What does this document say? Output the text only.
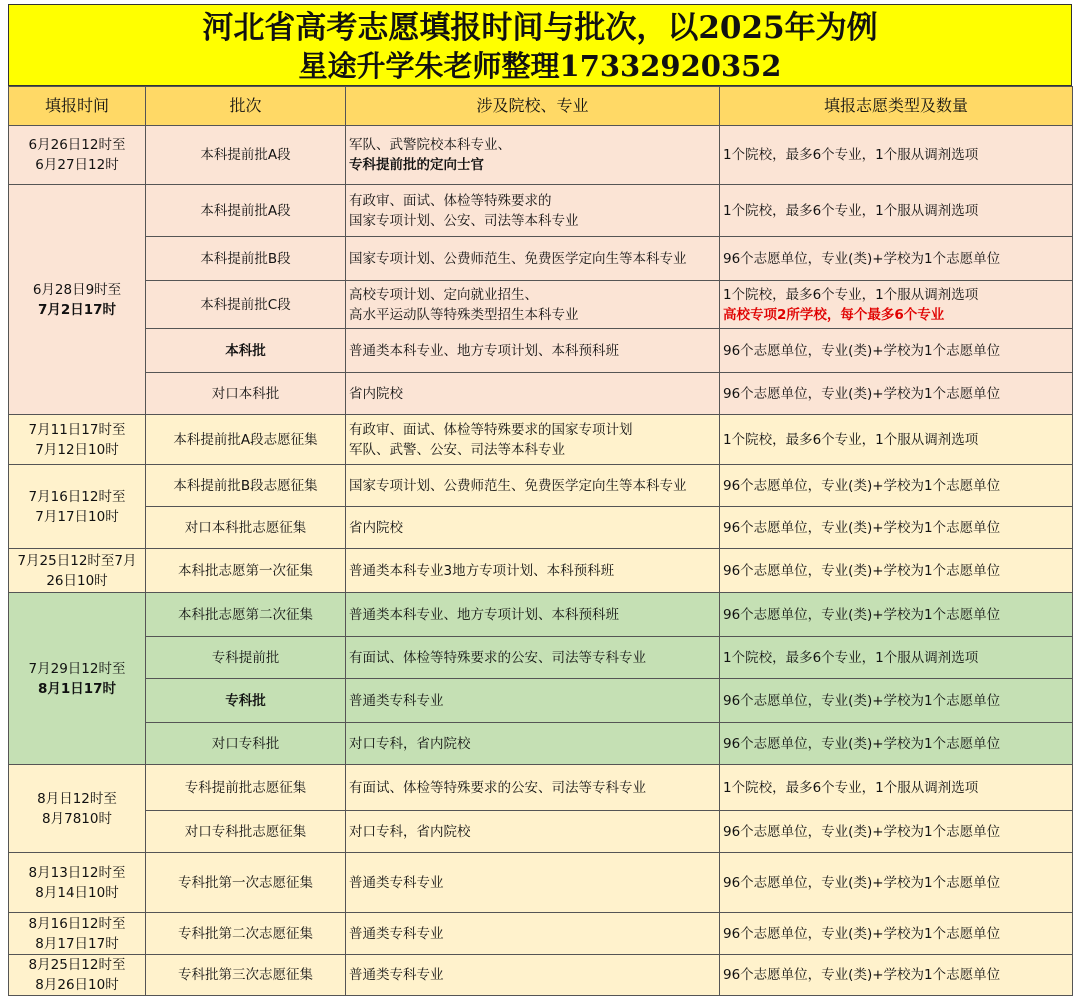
河北省高考志愿填报时间与批次，以2025年为例
星途升学朱老师整理17332920352
填报时间	批次	涉及院校、专业	填报志愿类型及数量
6月26日12时至
6月27日12时	本科提前批A段	军队、武警院校本科专业、
专科提前批的定向士官	1个院校，最多6个专业，1个服从调剂选项
6月28日9时至
7月2日17时	本科提前批A段	有政审、面试、体检等特殊要求的
国家专项计划、公安、司法等本科专业	1个院校，最多6个专业，1个服从调剂选项
	本科提前批B段	国家专项计划、公费师范生、免费医学定向生等本科专业	96个志愿单位，专业(类)+学校为1个志愿单位
	本科提前批C段	高校专项计划、定向就业招生、
高水平运动队等特殊类型招生本科专业	1个院校，最多6个专业，1个服从调剂选项
高校专项2所学校，每个最多6个专业
	本科批	普通类本科专业、地方专项计划、本科预科班	96个志愿单位，专业(类)+学校为1个志愿单位
	对口本科批	省内院校	96个志愿单位，专业(类)+学校为1个志愿单位
7月11日17时至
7月12日10时	本科提前批A段志愿征集	有政审、面试、体检等特殊要求的国家专项计划
军队、武警、公安、司法等本科专业	1个院校，最多6个专业，1个服从调剂选项
7月16日12时至
7月17日10时	本科提前批B段志愿征集	国家专项计划、公费师范生、免费医学定向生等本科专业	96个志愿单位，专业(类)+学校为1个志愿单位
	对口本科批志愿征集	省内院校	96个志愿单位，专业(类)+学校为1个志愿单位
7月25日12时至7月
26日10时	本科批志愿第一次征集	普通类本科专业3地方专项计划、本科预科班	96个志愿单位，专业(类)+学校为1个志愿单位
7月29日12时至
8月1日17时	本科批志愿第二次征集	普通类本科专业、地方专项计划、本科预科班	96个志愿单位，专业(类)+学校为1个志愿单位
	专科提前批	有面试、体检等特殊要求的公安、司法等专科专业	1个院校，最多6个专业，1个服从调剂选项
	专科批	普通类专科专业	96个志愿单位，专业(类)+学校为1个志愿单位
	对口专科批	对口专科，省内院校	96个志愿单位，专业(类)+学校为1个志愿单位
8月日12时至
8月7810时	专科提前批志愿征集	有面试、体检等特殊要求的公安、司法等专科专业	1个院校，最多6个专业，1个服从调剂选项
	对口专科批志愿征集	对口专科，省内院校	96个志愿单位，专业(类)+学校为1个志愿单位
8月13日12时至
8月14日10时	专科批第一次志愿征集	普通类专科专业	96个志愿单位，专业(类)+学校为1个志愿单位
8月16日12时至
8月17日17时	专科批第二次志愿征集	普通类专科专业	96个志愿单位，专业(类)+学校为1个志愿单位
8月25日12时至
8月26日10时	专科批第三次志愿征集	普通类专科专业	96个志愿单位，专业(类)+学校为1个志愿单位
